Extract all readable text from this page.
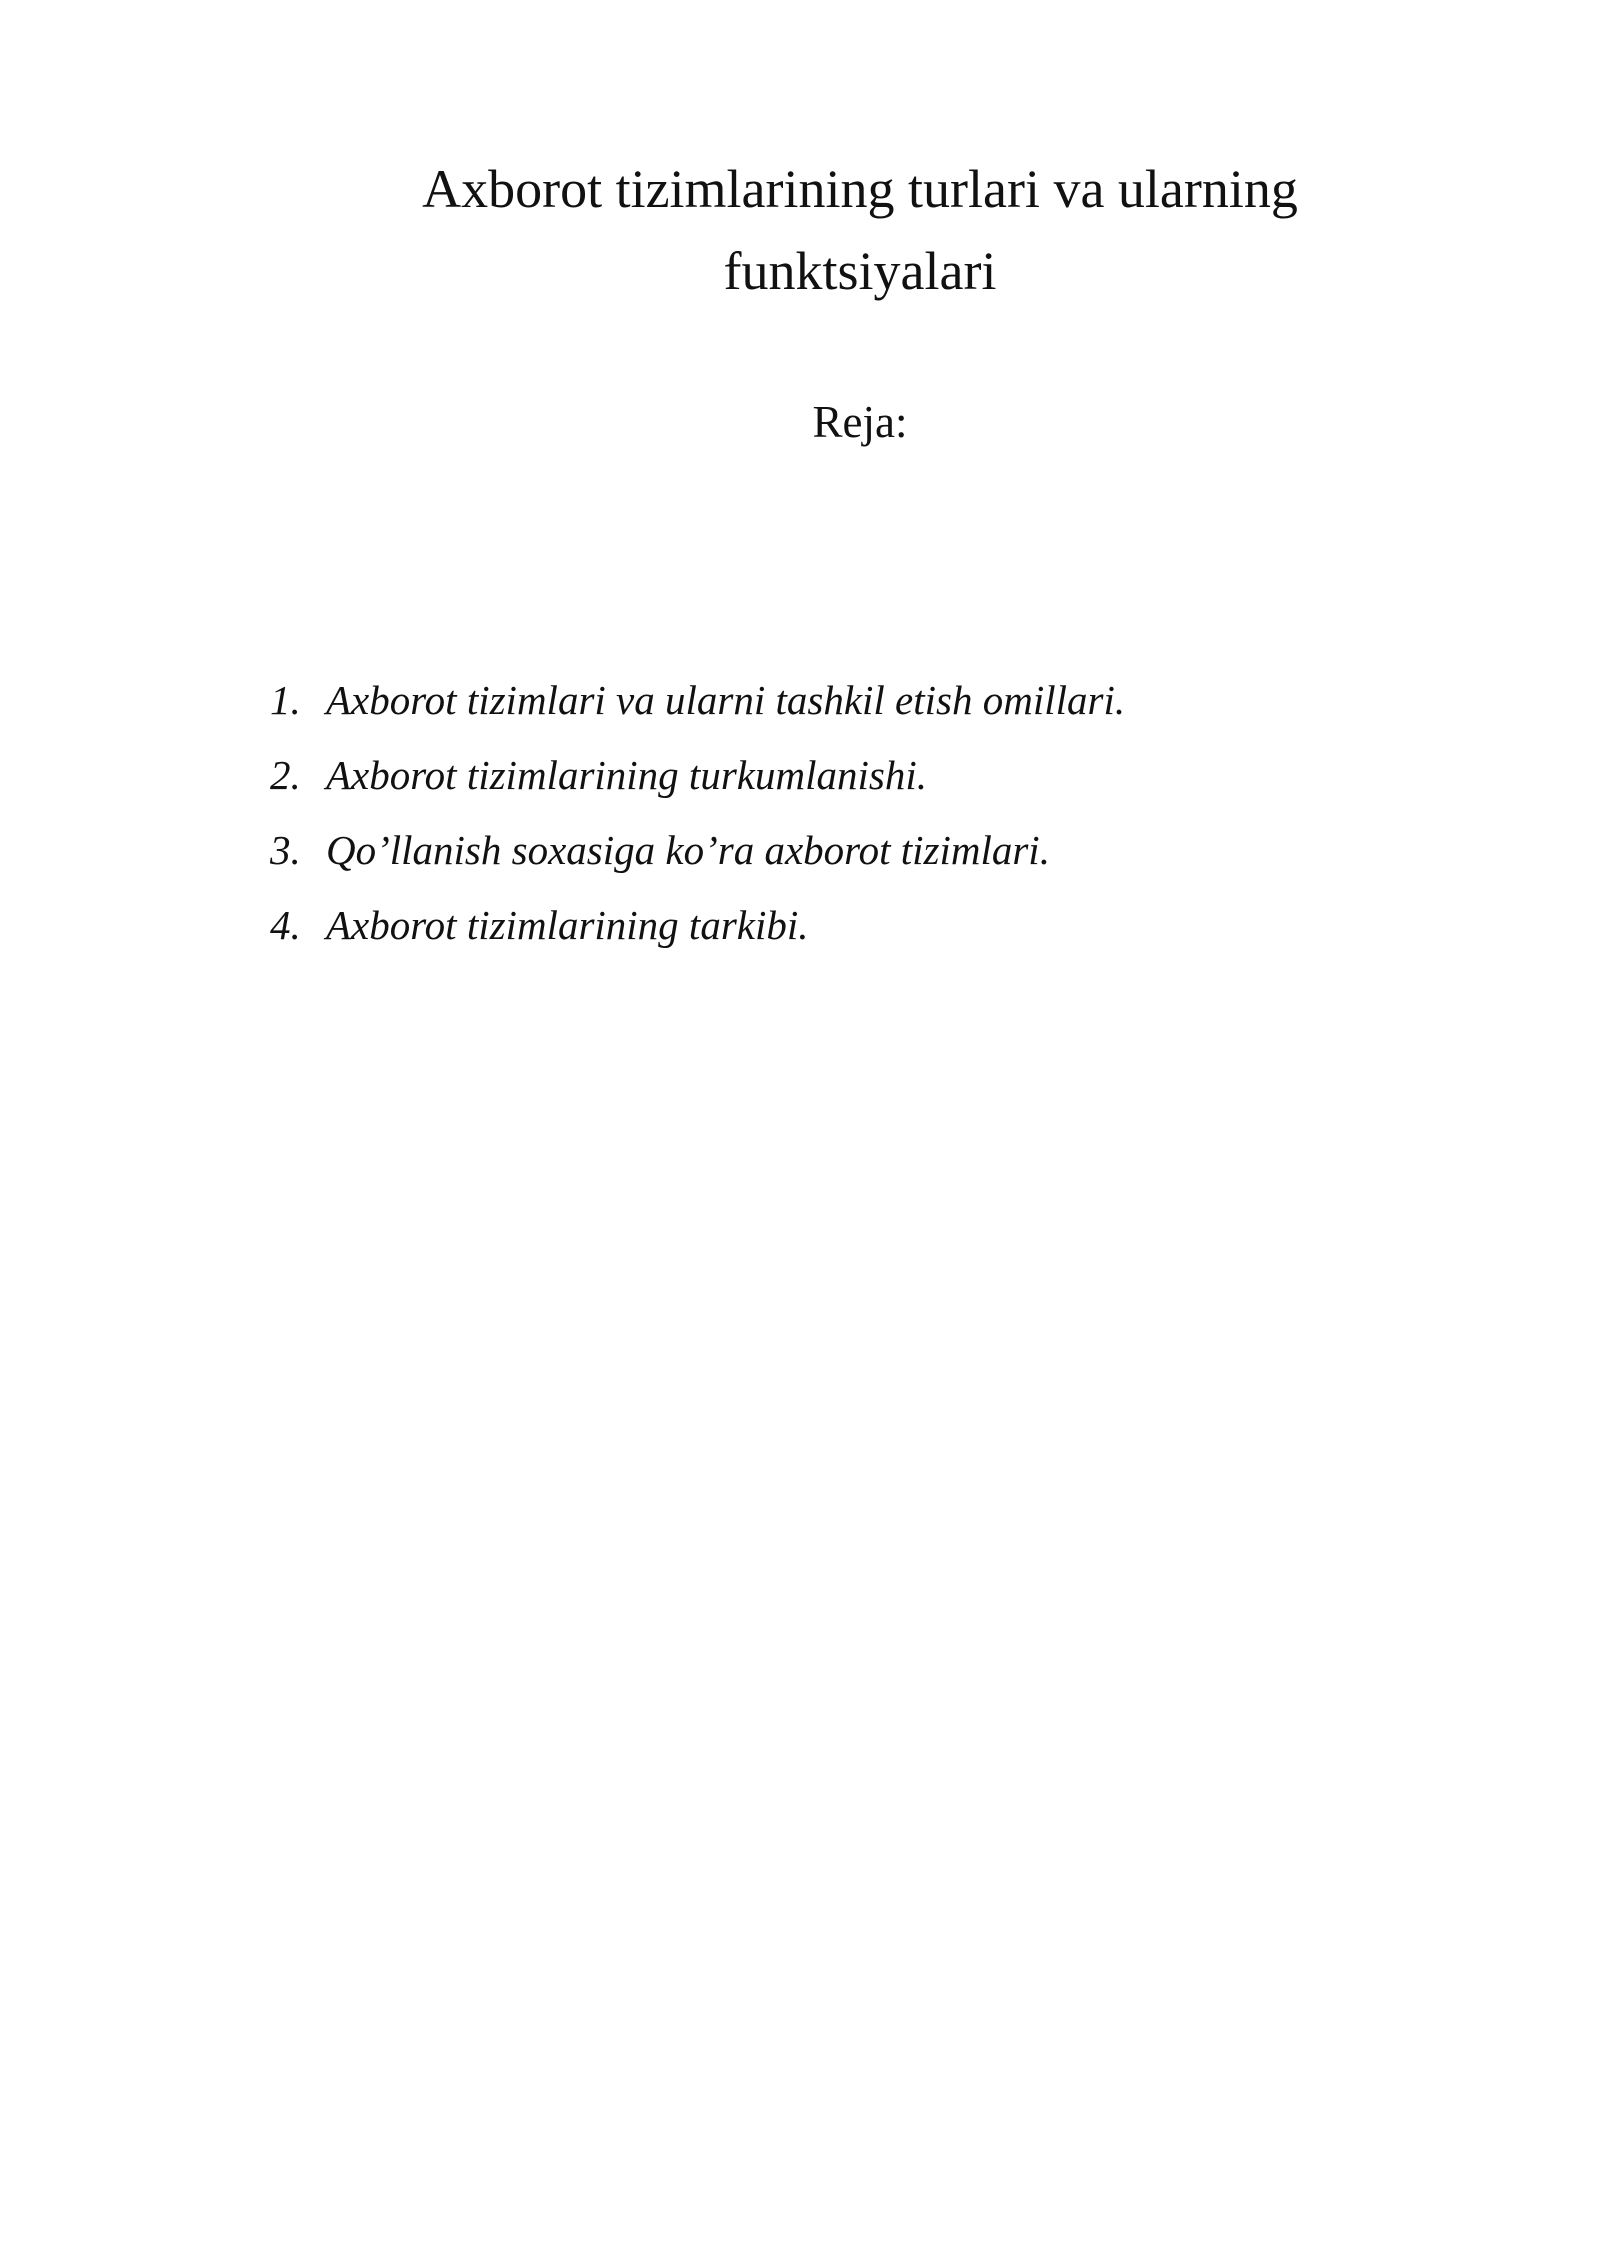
Axborot tizimlarining turlari va ularning
funktsiyalari
Reja:
1. Axborot tizimlari va ularni tashkil etish omillari.
2. Axborot tizimlarining turkumlanishi.
3. Qo’llanish soxasiga ko’ra axborot tizimlari.
4. Axborot tizimlarining tarkibi.
